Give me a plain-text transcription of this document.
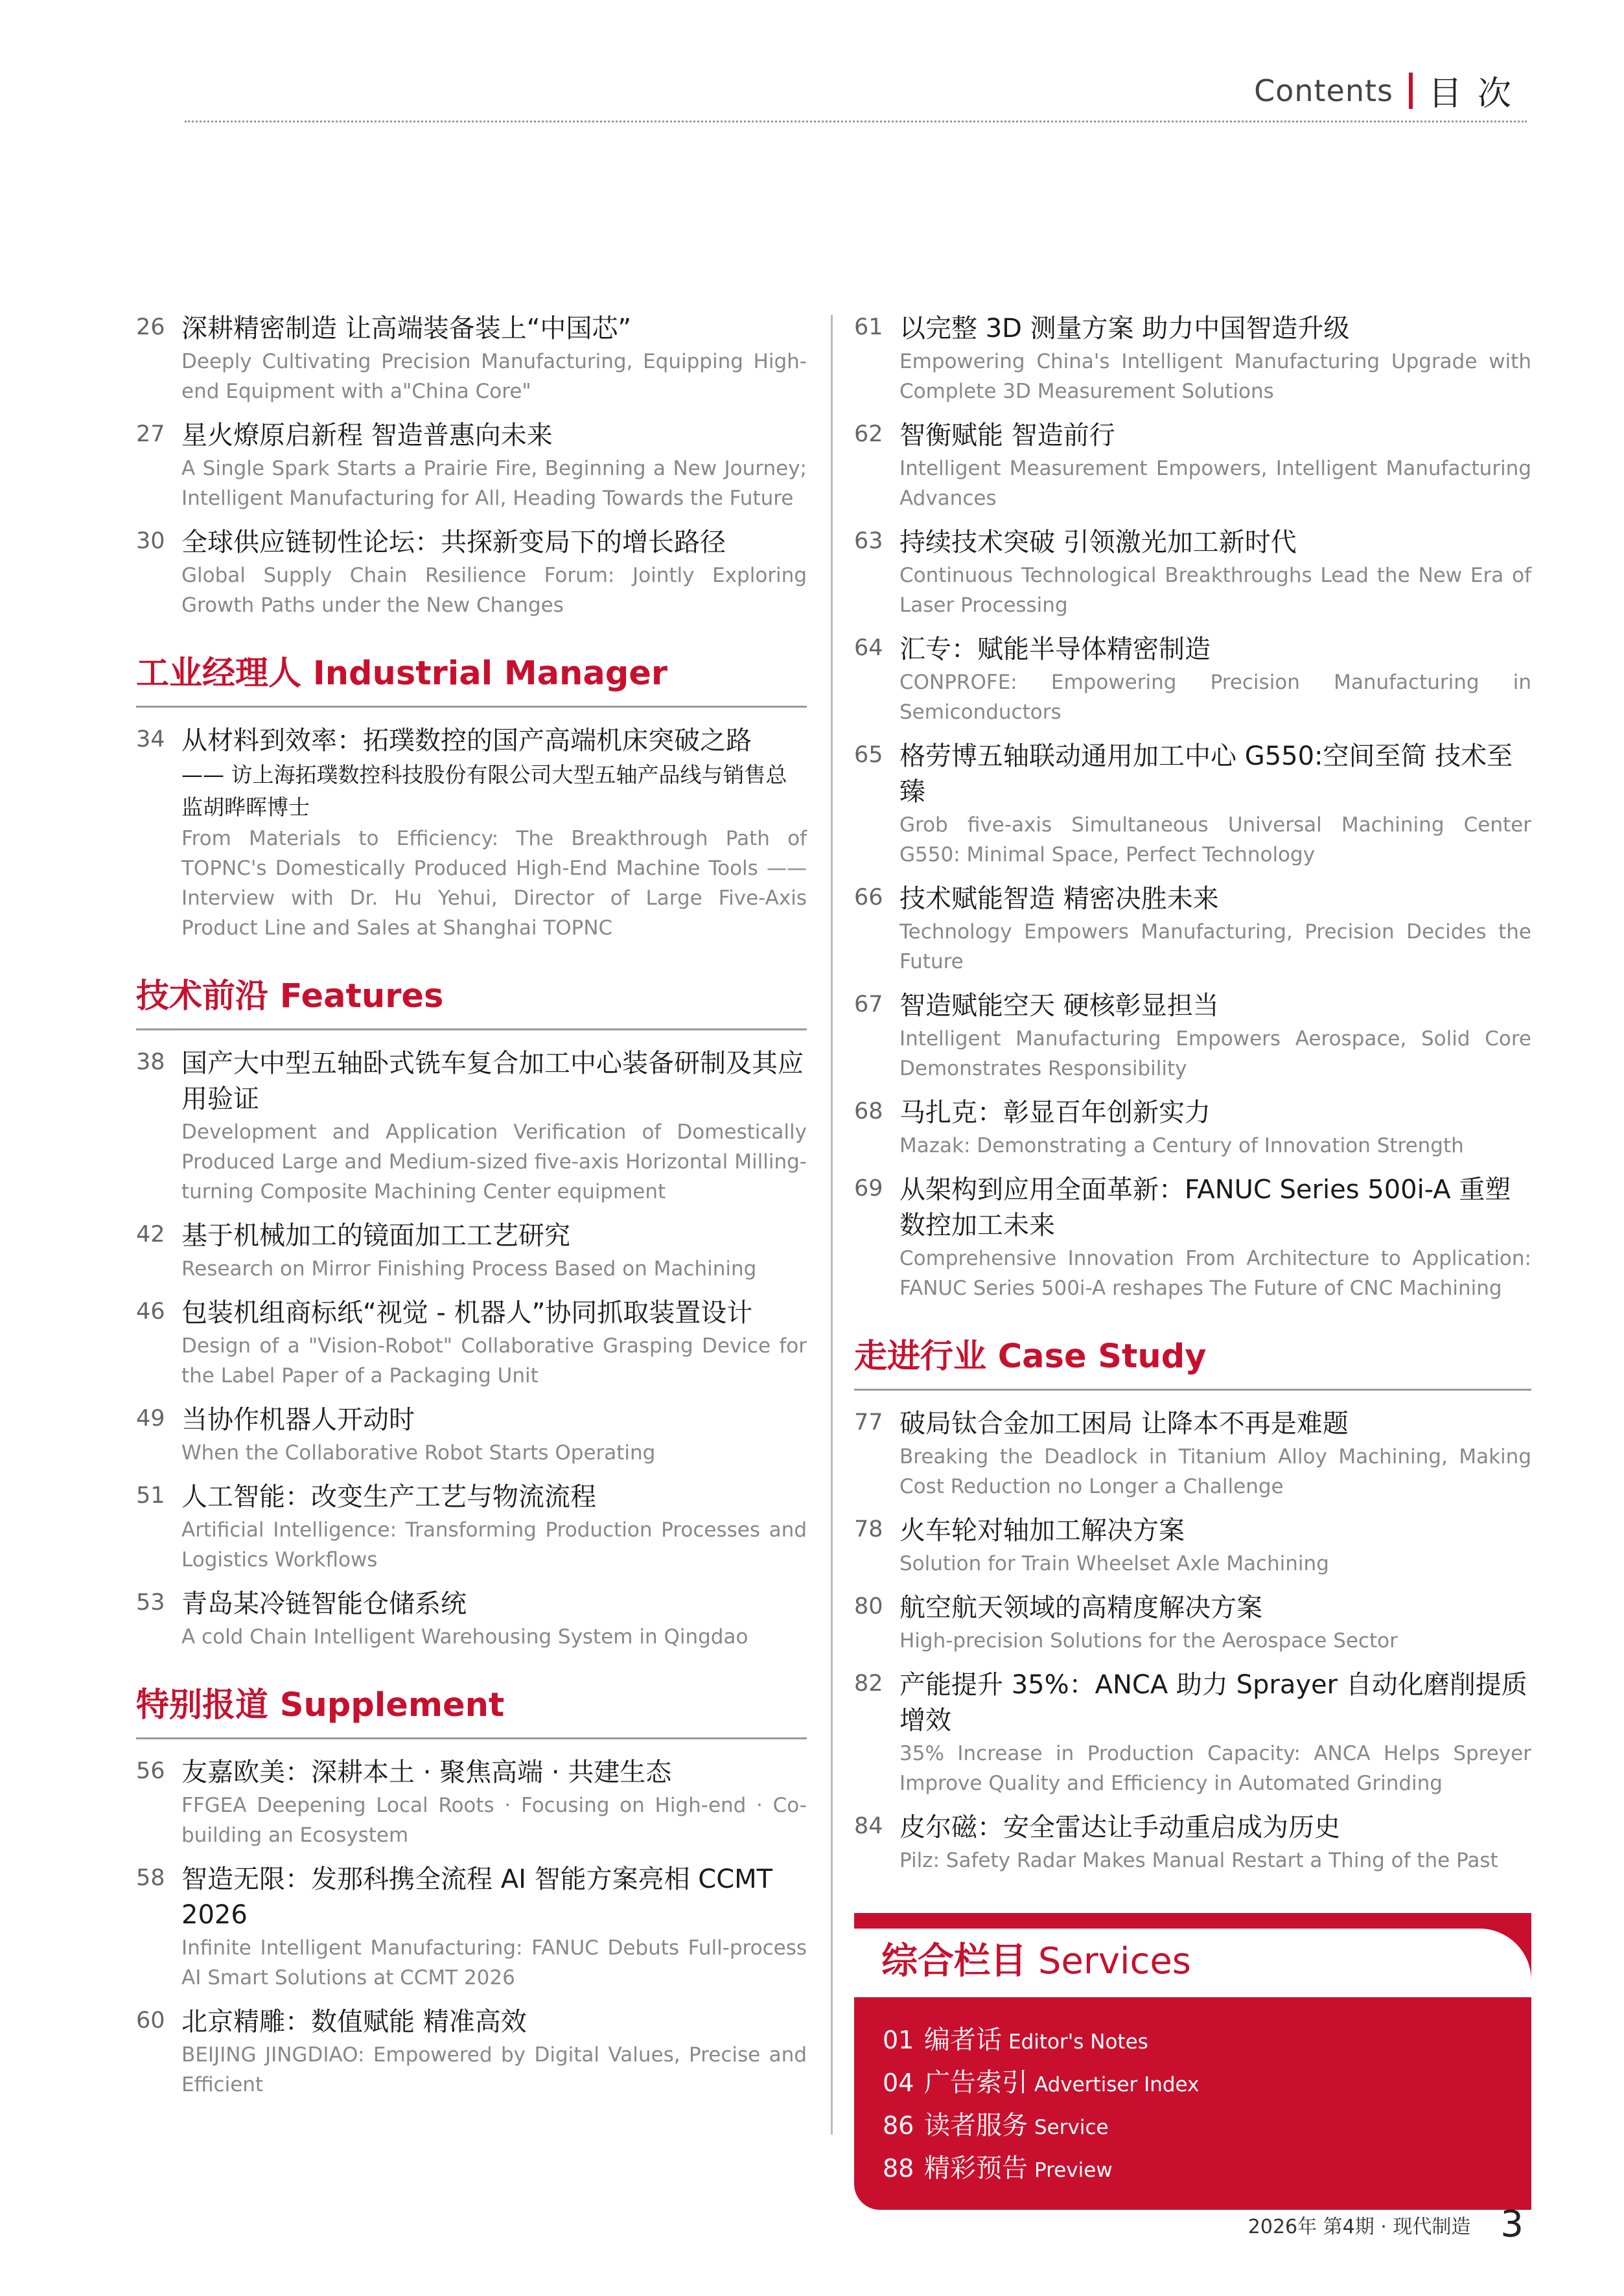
Contents 目次
26 深耕精密制造 让高端装备装上“中国芯”
Deeply Cultivating Precision Manufacturing, Equipping High-end Equipment with a"China Core"
27 星火燎原启新程 智造普惠向未来
A Single Spark Starts a Prairie Fire, Beginning a New Journey; Intelligent Manufacturing for All, Heading Towards the Future
30 全球供应链韧性论坛：共探新变局下的增长路径
Global Supply Chain Resilience Forum: Jointly Exploring Growth Paths under the New Changes
工业经理人 Industrial Manager
34 从材料到效率：拓璞数控的国产高端机床突破之路
—— 访上海拓璞数控科技股份有限公司大型五轴产品线与销售总监胡晔晖博士
From Materials to Efficiency: The Breakthrough Path of TOPNC's Domestically Produced High-End Machine Tools ——Interview with Dr. Hu Yehui, Director of Large Five-Axis Product Line and Sales at Shanghai TOPNC
技术前沿 Features
38 国产大中型五轴卧式铣车复合加工中心装备研制及其应用验证
Development and Application Verification of Domestically Produced Large and Medium-sized five-axis Horizontal Milling-turning Composite Machining Center equipment
42 基于机械加工的镜面加工工艺研究
Research on Mirror Finishing Process Based on Machining
46 包装机组商标纸“视觉 - 机器人”协同抓取装置设计
Design of a "Vision-Robot" Collaborative Grasping Device for the Label Paper of a Packaging Unit
49 当协作机器人开动时
When the Collaborative Robot Starts Operating
51 人工智能：改变生产工艺与物流流程
Artificial Intelligence: Transforming Production Processes and Logistics Workflows
53 青岛某冷链智能仓储系统
A cold Chain Intelligent Warehousing System in Qingdao
特别报道 Supplement
56 友嘉欧美：深耕本土 · 聚焦高端 · 共建生态
FFGEA Deepening Local Roots · Focusing on High-end · Co-building an Ecosystem
58 智造无限：发那科携全流程 AI 智能方案亮相 CCMT 2026
Infinite Intelligent Manufacturing: FANUC Debuts Full-process AI Smart Solutions at CCMT 2026
60 北京精雕：数值赋能 精准高效
BEIJING JINGDIAO: Empowered by Digital Values, Precise and Efficient
61 以完整 3D 测量方案 助力中国智造升级
Empowering China's Intelligent Manufacturing Upgrade with Complete 3D Measurement Solutions
62 智衡赋能 智造前行
Intelligent Measurement Empowers, Intelligent Manufacturing Advances
63 持续技术突破 引领激光加工新时代
Continuous Technological Breakthroughs Lead the New Era of Laser Processing
64 汇专：赋能半导体精密制造
CONPROFE: Empowering Precision Manufacturing in Semiconductors
65 格劳博五轴联动通用加工中心 G550:空间至简 技术至臻
Grob five-axis Simultaneous Universal Machining Center G550: Minimal Space, Perfect Technology
66 技术赋能智造 精密决胜未来
Technology Empowers Manufacturing, Precision Decides the Future
67 智造赋能空天 硬核彰显担当
Intelligent Manufacturing Empowers Aerospace, Solid Core Demonstrates Responsibility
68 马扎克：彰显百年创新实力
Mazak: Demonstrating a Century of Innovation Strength
69 从架构到应用全面革新：FANUC Series 500i-A 重塑数控加工未来
Comprehensive Innovation From Architecture to Application: FANUC Series 500i-A reshapes The Future of CNC Machining
走进行业 Case Study
77 破局钛合金加工困局 让降本不再是难题
Breaking the Deadlock in Titanium Alloy Machining, Making Cost Reduction no Longer a Challenge
78 火车轮对轴加工解决方案
Solution for Train Wheelset Axle Machining
80 航空航天领域的高精度解决方案
High-precision Solutions for the Aerospace Sector
82 产能提升 35%：ANCA 助力 Sprayer 自动化磨削提质增效
35% Increase in Production Capacity: ANCA Helps Spreyer Improve Quality and Efficiency in Automated Grinding
84 皮尔磁：安全雷达让手动重启成为历史
Pilz: Safety Radar Makes Manual Restart a Thing of the Past
综合栏目 Services
01 编者话 Editor's Notes
04 广告索引 Advertiser Index
86 读者服务 Service
88 精彩预告 Preview
2026年 第4期 · 现代制造 3
